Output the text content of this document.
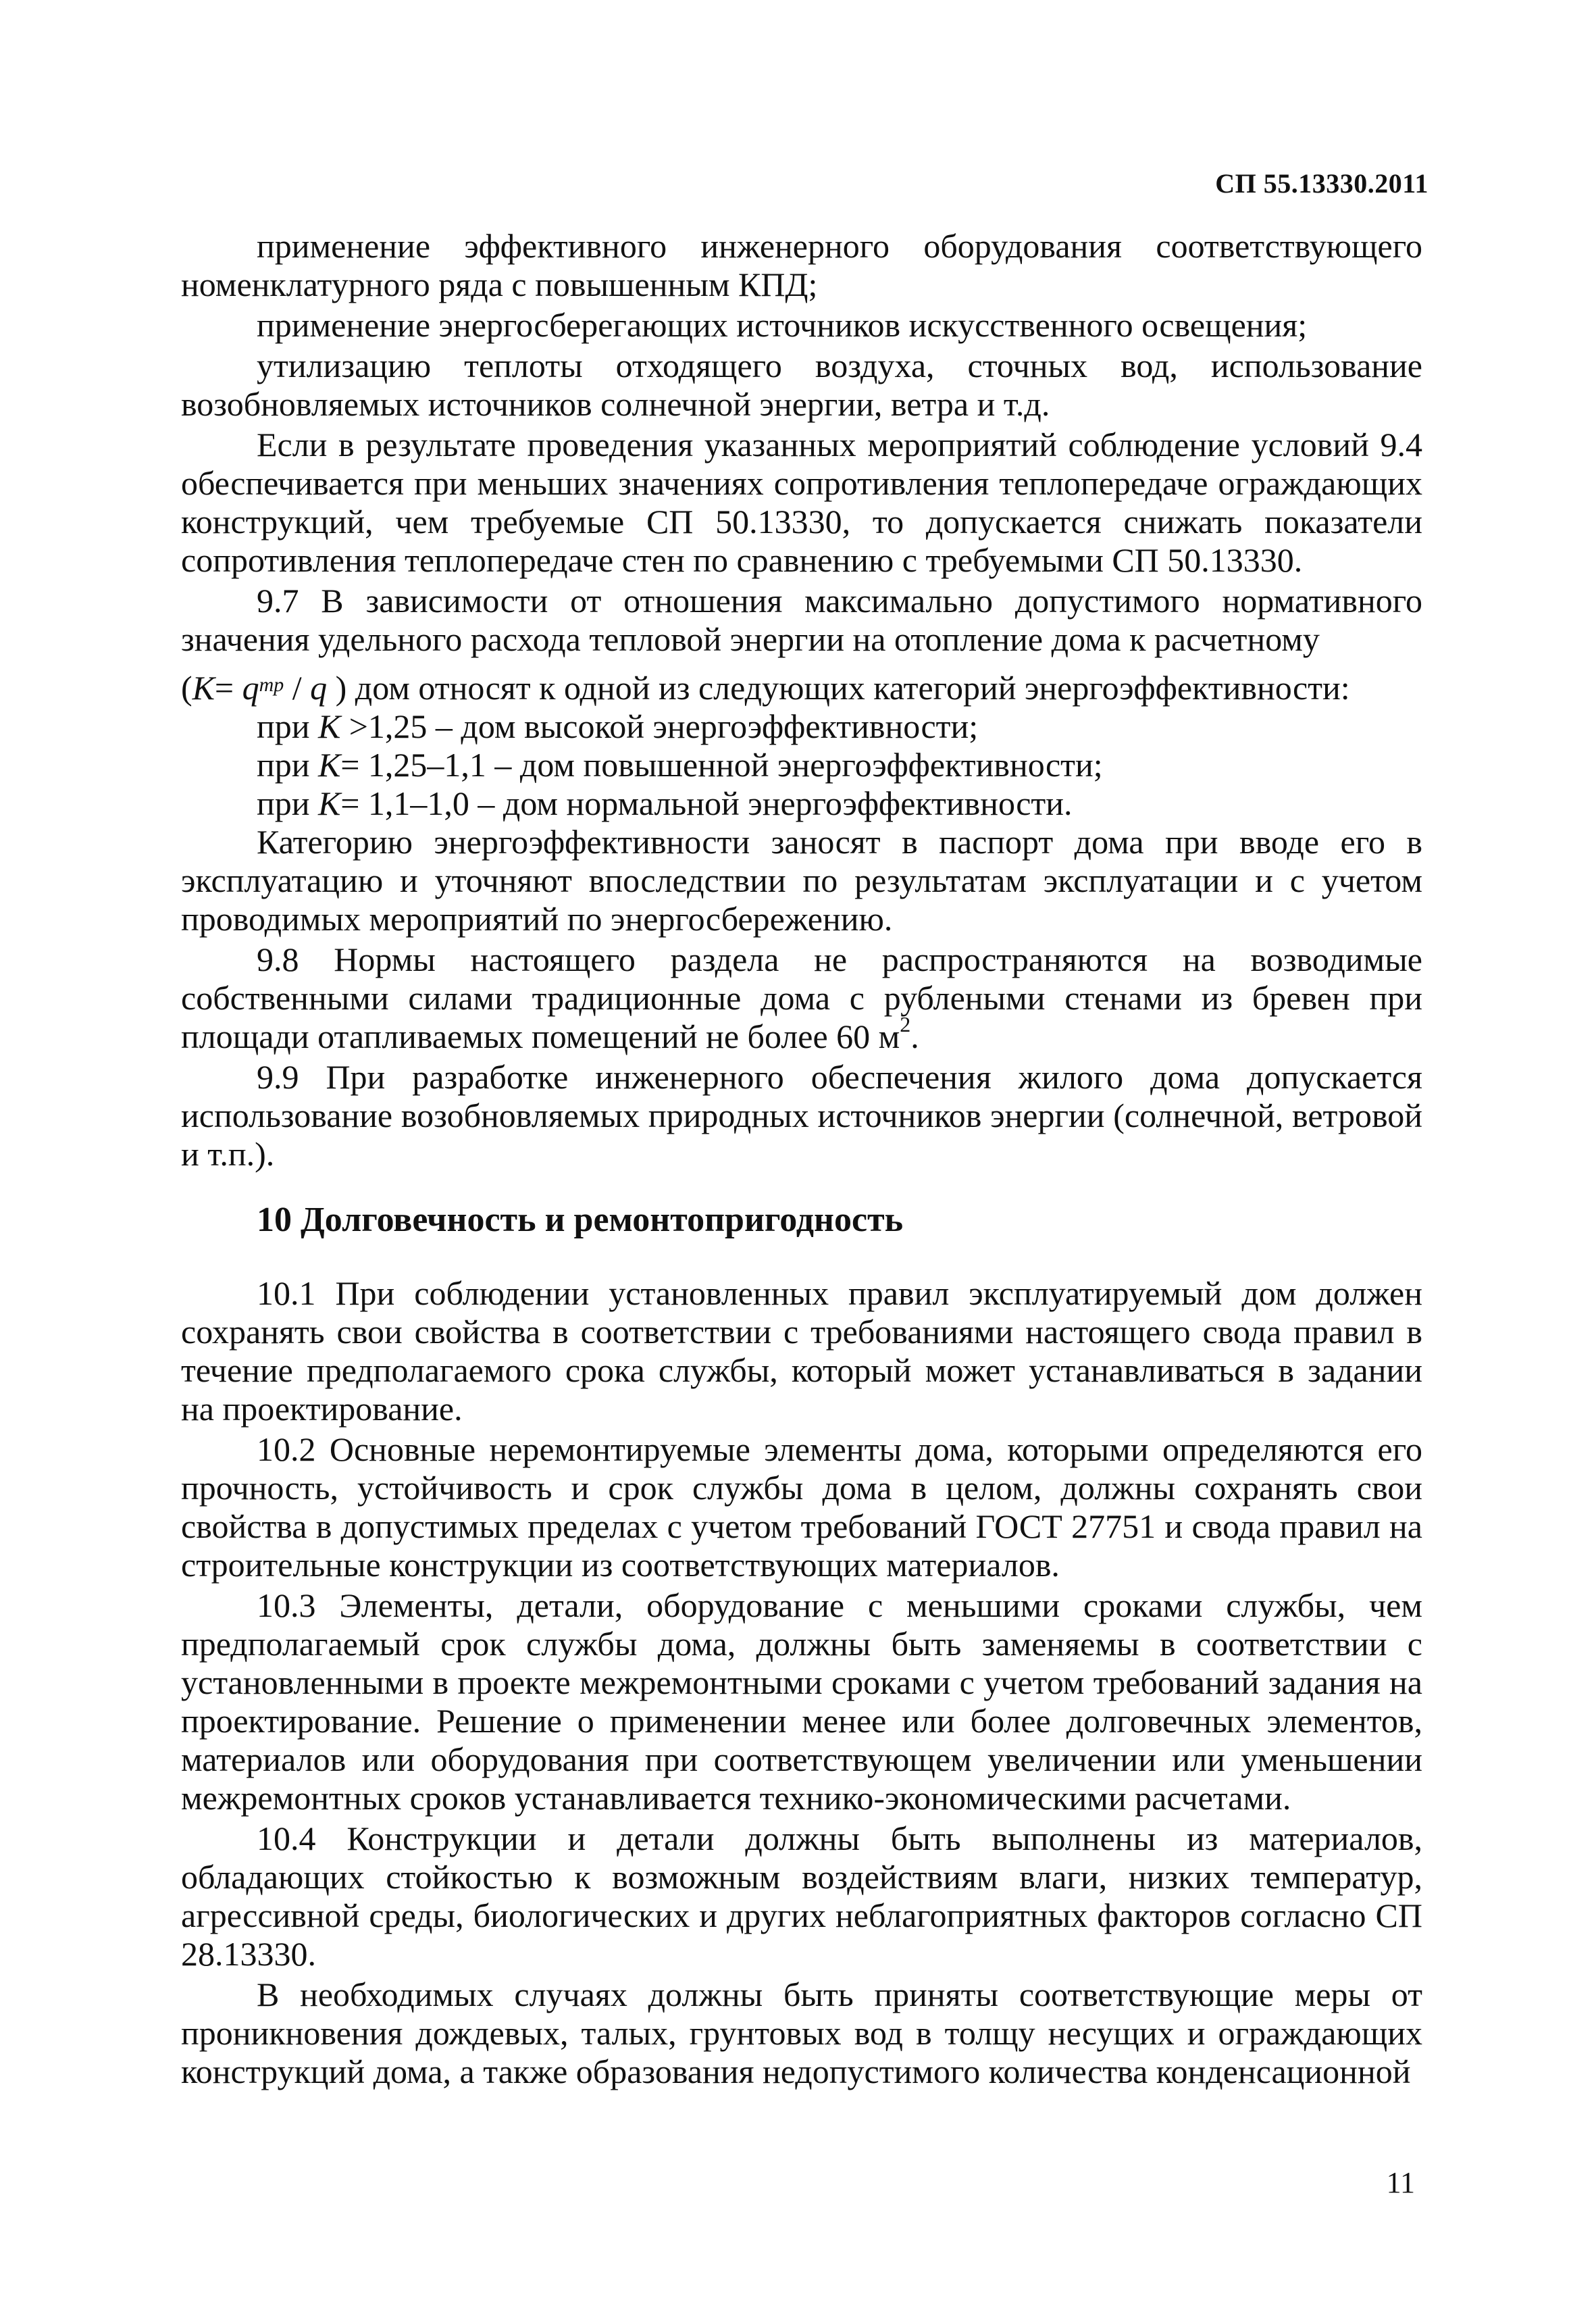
СП 55.13330.2011

применение эффективного инженерного оборудования соответствующего номенклатурного ряда с повышенным КПД;

применение энергосберегающих источников искусственного освещения;

утилизацию теплоты отходящего воздуха, сточных вод, использование возобновляемых источников солнечной энергии, ветра и т.д.

Если в результате проведения указанных мероприятий соблюдение условий 9.4 обеспечивается при меньших значениях сопротивления теплопередаче ограждающих конструкций, чем требуемые СП 50.13330, то допускается снижать показатели сопротивления теплопередаче стен по сравнению с требуемыми СП 50.13330.

9.7 В зависимости от отношения максимально допустимого нормативного значения удельного расхода тепловой энергии на отопление дома к расчетному

($К= q^{тр} / q$ ) дом относят к одной из следующих категорий энергоэффективности:

при К >1,25 – дом высокой энергоэффективности;

при К= 1,25–1,1 – дом повышенной энергоэффективности;

при К= 1,1–1,0 – дом нормальной энергоэффективности.

Категорию энергоэффективности заносят в паспорт дома при вводе его в эксплуатацию и уточняют впоследствии по результатам эксплуатации и с учетом проводимых мероприятий по энергосбережению.

9.8 Нормы настоящего раздела не распространяются на возводимые собственными силами традиционные дома с рублеными стенами из бревен при площади отапливаемых помещений не более 60 $м^2$.

9.9 При разработке инженерного обеспечения жилого дома допускается использование возобновляемых природных источников энергии (солнечной, ветровой и т.п.).

10 Долговечность и ремонтопригодность

10.1 При соблюдении установленных правил эксплуатируемый дом должен сохранять свои свойства в соответствии с требованиями настоящего свода правил в течение предполагаемого срока службы, который может устанавливаться в задании на проектирование.

10.2 Основные неремонтируемые элементы дома, которыми определяются его прочность, устойчивость и срок службы дома в целом, должны сохранять свои свойства в допустимых пределах с учетом требований ГОСТ 27751 и свода правил на строительные конструкции из соответствующих материалов.

10.3 Элементы, детали, оборудование с меньшими сроками службы, чем предполагаемый срок службы дома, должны быть заменяемы в соответствии с установленными в проекте межремонтными сроками с учетом требований задания на проектирование. Решение о применении менее или более долговечных элементов, материалов или оборудования при соответствующем увеличении или уменьшении межремонтных сроков устанавливается технико-экономическими расчетами.

10.4 Конструкции и детали должны быть выполнены из материалов, обладающих стойкостью к возможным воздействиям влаги, низких температур, агрессивной среды, биологических и других неблагоприятных факторов согласно СП 28.13330.

В необходимых случаях должны быть приняты соответствующие меры от проникновения дождевых, талых, грунтовых вод в толщу несущих и ограждающих конструкций дома, а также образования недопустимого количества конденсационной

11
